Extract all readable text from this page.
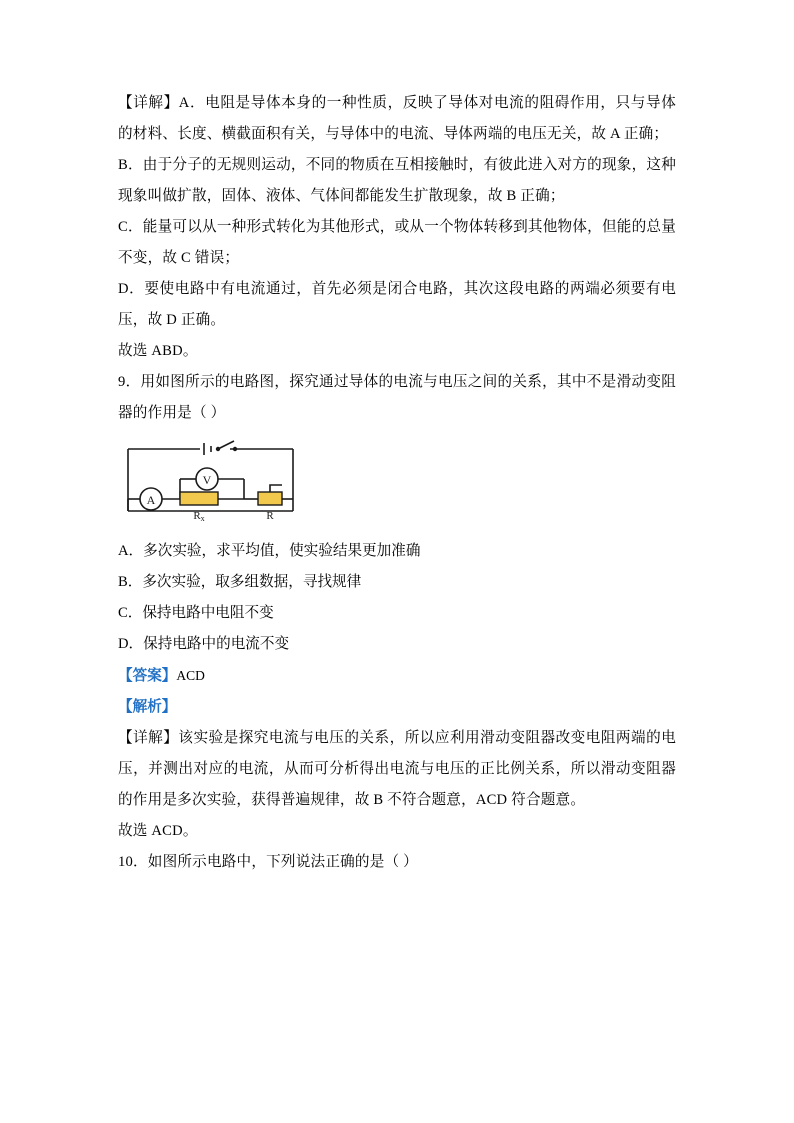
【详解】A．电阻是导体本身的一种性质，反映了导体对电流的阻碍作用，只与导体的材料、长度、横截面积有关，与导体中的电流、导体两端的电压无关，故 A 正确；

B．由于分子的无规则运动，不同的物质在互相接触时，有彼此进入对方的现象，这种现象叫做扩散，固体、液体、气体间都能发生扩散现象，故 B 正确；

C．能量可以从一种形式转化为其他形式，或从一个物体转移到其他物体，但能的总量不变，故 C 错误；

D．要使电路中有电流通过，首先必须是闭合电路，其次这段电路的两端必须要有电压，故 D 正确。

故选 ABD。

9．用如图所示的电路图，探究通过导体的电流与电压之间的关系，其中不是滑动变阻器的作用是（ ）

V
A
Rx	R

A．多次实验，求平均值，使实验结果更加准确

B．多次实验，取多组数据，寻找规律

C．保持电路中电阻不变

D．保持电路中的电流不变

【答案】ACD

【解析】

【详解】该实验是探究电流与电压的关系，所以应利用滑动变阻器改变电阻两端的电压，并测出对应的电流，从而可分析得出电流与电压的正比例关系，所以滑动变阻器的作用是多次实验，获得普遍规律，故 B 不符合题意，ACD 符合题意。

故选 ACD。

10．如图所示电路中，下列说法正确的是（ ）
